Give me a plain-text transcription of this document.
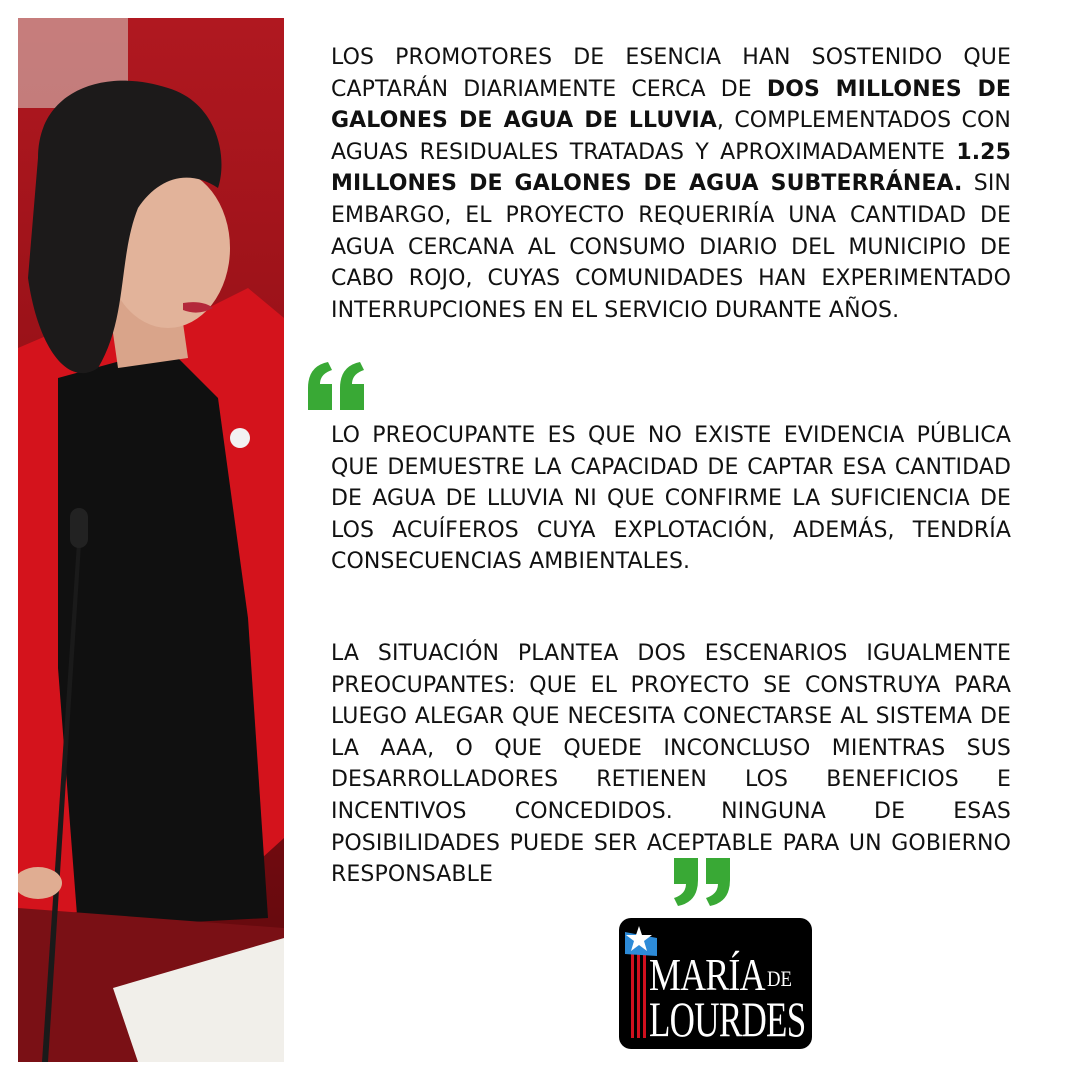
LOS PROMOTORES DE ESENCIA HAN SOSTENIDO QUE CAPTARÁN DIARIAMENTE CERCA DE DOS MILLONES DE GALONES DE AGUA DE LLUVIA, COMPLEMENTADOS CON AGUAS RESIDUALES TRATADAS Y APROXIMADAMENTE 1.25 MILLONES DE GALONES DE AGUA SUBTERRÁNEA. SIN EMBARGO, EL PROYECTO REQUERIRÍA UNA CANTIDAD DE AGUA CERCANA AL CONSUMO DIARIO DEL MUNICIPIO DE CABO ROJO, CUYAS COMUNIDADES HAN EXPERIMENTADO INTERRUPCIONES EN EL SERVICIO DURANTE AÑOS.
LO PREOCUPANTE ES QUE NO EXISTE EVIDENCIA PÚBLICA QUE DEMUESTRE LA CAPACIDAD DE CAPTAR ESA CANTIDAD DE AGUA DE LLUVIA NI QUE CONFIRME LA SUFICIENCIA DE LOS ACUÍFEROS CUYA EXPLOTACIÓN, ADEMÁS, TENDRÍA CONSECUENCIAS AMBIENTALES.
LA SITUACIÓN PLANTEA DOS ESCENARIOS IGUALMENTE PREOCUPANTES: QUE EL PROYECTO SE CONSTRUYA PARA LUEGO ALEGAR QUE NECESITA CONECTARSE AL SISTEMA DE LA AAA, O QUE QUEDE INCONCLUSO MIENTRAS SUS DESARROLLADORES RETIENEN LOS BENEFICIOS E INCENTIVOS CONCEDIDOS. NINGUNA DE ESAS POSIBILIDADES PUEDE SER ACEPTABLE PARA UN GOBIERNO RESPONSABLE
MARÍA DE
LOURDES
